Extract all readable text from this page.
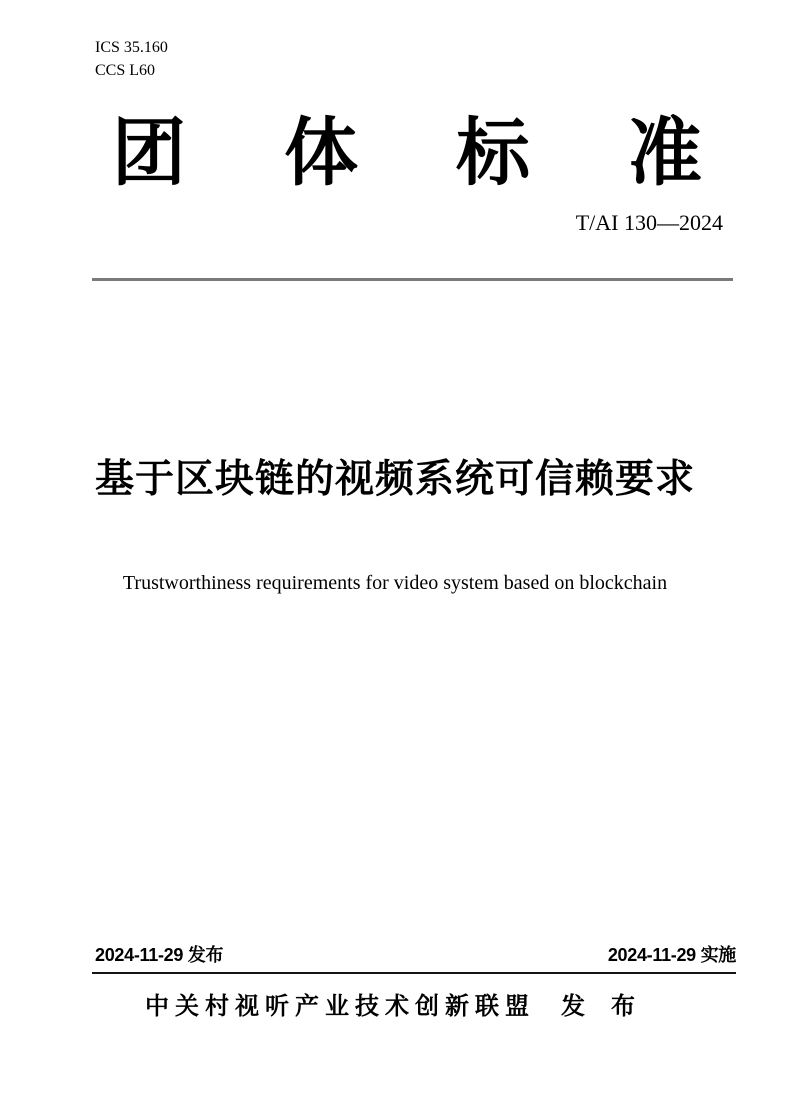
ICS 35.160
CCS L60
团 体 标 准
T/AI 130—2024
基于区块链的视频系统可信赖要求
Trustworthiness requirements for video system based on blockchain
2024-11-29 发布	2024-11-29 实施
中关村视听产业技术创新联盟 发 布
